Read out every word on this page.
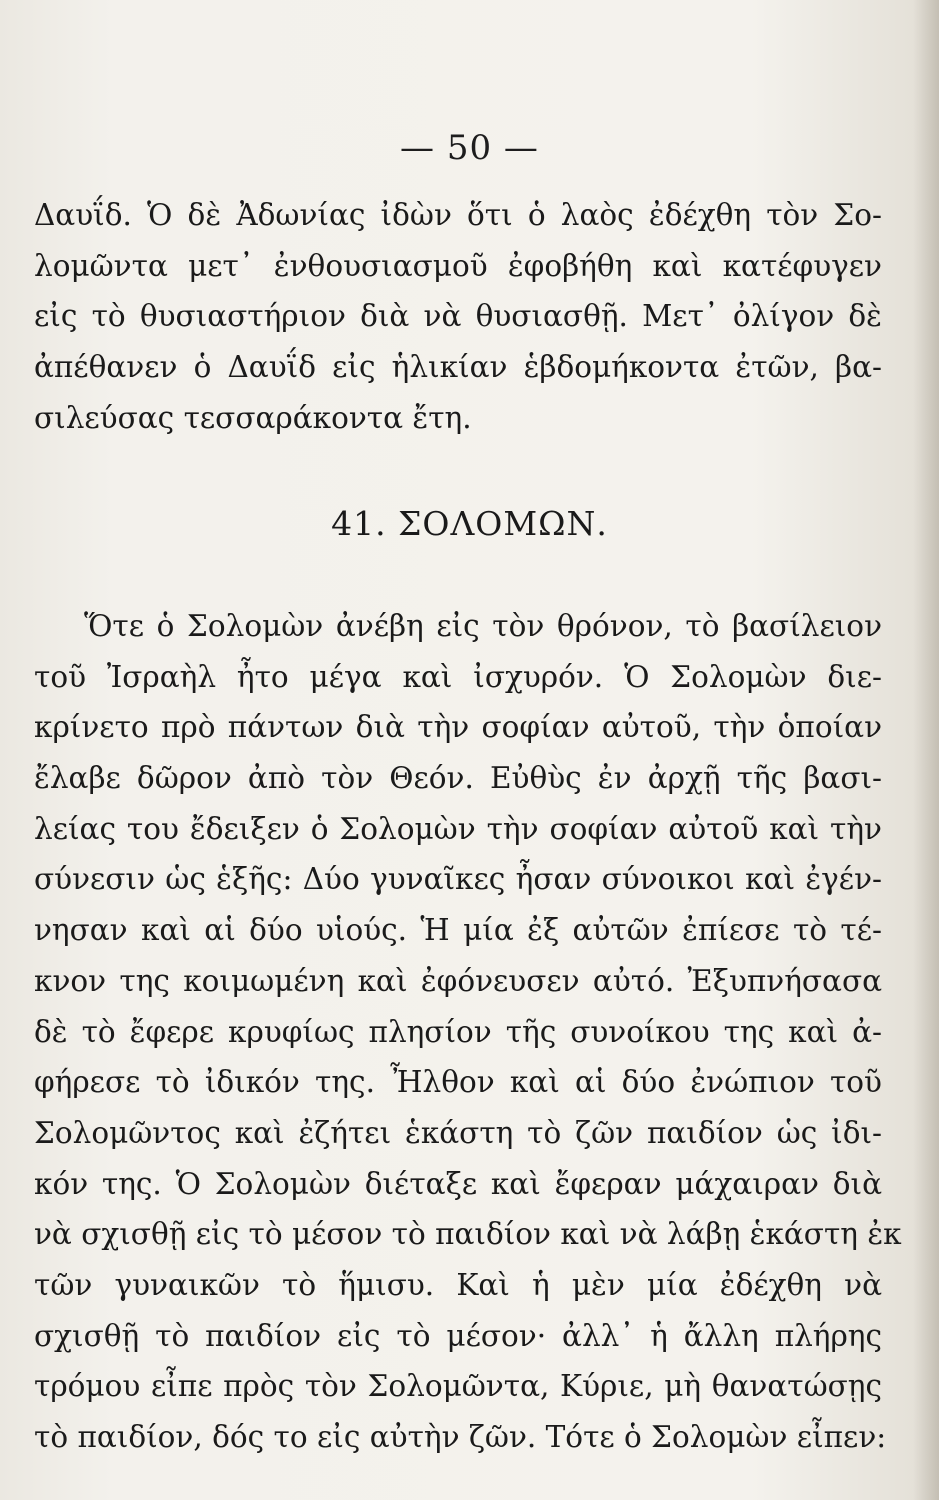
— 50 —
Δαυΐδ. Ὁ δὲ Ἀδωνίας ἰδὼν ὅτι ὁ λαὸς ἐδέχθη τὸν Σο-
λομῶντα μετ᾿ ἐνθουσιασμοῦ ἐφοβήθη καὶ κατέφυγεν
εἰς τὸ θυσιαστήριον διὰ νὰ θυσιασθῇ. Μετ᾿ ὀλίγον δὲ
ἀπέθανεν ὁ Δαυΐδ εἰς ἡλικίαν ἑβδομήκοντα ἐτῶν, βα-
σιλεύσας τεσσαράκοντα ἔτη.
41. ΣΟΛΟΜΩΝ.
Ὅτε ὁ Σολομὼν ἀνέβη εἰς τὸν θρόνον, τὸ βασίλειον
τοῦ Ἰσραὴλ ἦτο μέγα καὶ ἰσχυρόν. Ὁ Σολομὼν διε-
κρίνετο πρὸ πάντων διὰ τὴν σοφίαν αὐτοῦ, τὴν ὁποίαν
ἔλαβε δῶρον ἀπὸ τὸν Θεόν. Εὐθὺς ἐν ἀρχῇ τῆς βασι-
λείας του ἔδειξεν ὁ Σολομὼν τὴν σοφίαν αὐτοῦ καὶ τὴν
σύνεσιν ὡς ἑξῆς: Δύο γυναῖκες ἦσαν σύνοικοι καὶ ἐγέν-
νησαν καὶ αἱ δύο υἱούς. Ἡ μία ἐξ αὐτῶν ἐπίεσε τὸ τέ-
κνον της κοιμωμένη καὶ ἐφόνευσεν αὐτό. Ἐξυπνήσασα
δὲ τὸ ἔφερε κρυφίως πλησίον τῆς συνοίκου της καὶ ἀ-
φήρεσε τὸ ἰδικόν της. Ἦλθον καὶ αἱ δύο ἐνώπιον τοῦ
Σολομῶντος καὶ ἐζήτει ἑκάστη τὸ ζῶν παιδίον ὡς ἰδι-
κόν της. Ὁ Σολομὼν διέταξε καὶ ἔφεραν μάχαιραν διὰ
νὰ σχισθῇ εἰς τὸ μέσον τὸ παιδίον καὶ νὰ λάβῃ ἑκάστη ἐκ
τῶν γυναικῶν τὸ ἥμισυ. Καὶ ἡ μὲν μία ἐδέχθη νὰ
σχισθῇ τὸ παιδίον εἰς τὸ μέσον· ἀλλ᾿ ἡ ἄλλη πλήρης
τρόμου εἶπε πρὸς τὸν Σολομῶντα, Κύριε, μὴ θανατώσῃς
τὸ παιδίον, δός το εἰς αὐτὴν ζῶν. Τότε ὁ Σολομὼν εἶπεν:
